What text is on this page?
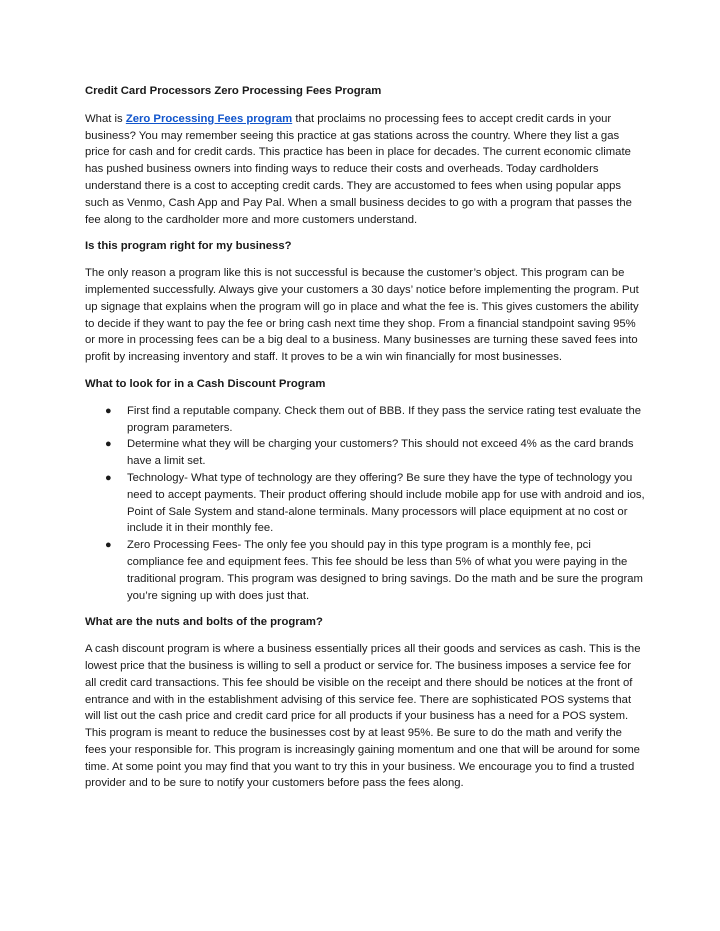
Credit Card Processors Zero Processing Fees Program

What is Zero Processing Fees program that proclaims no processing fees to accept credit cards in your business? You may remember seeing this practice at gas stations across the country. Where they list a gas price for cash and for credit cards. This practice has been in place for decades. The current economic climate has pushed business owners into finding ways to reduce their costs and overheads. Today cardholders understand there is a cost to accepting credit cards. They are accustomed to fees when using popular apps such as Venmo, Cash App and Pay Pal. When a small business decides to go with a program that passes the fee along to the cardholder more and more customers understand.

Is this program right for my business?

The only reason a program like this is not successful is because the customer’s object. This program can be implemented successfully. Always give your customers a 30 days’ notice before implementing the program. Put up signage that explains when the program will go in place and what the fee is. This gives customers the ability to decide if they want to pay the fee or bring cash next time they shop. From a financial standpoint saving 95% or more in processing fees can be a big deal to a business. Many businesses are turning these saved fees into profit by increasing inventory and staff. It proves to be a win win financially for most businesses.

What to look for in a Cash Discount Program
● First find a reputable company. Check them out of BBB. If they pass the service rating test evaluate the program parameters.
● Determine what they will be charging your customers? This should not exceed 4% as the card brands have a limit set.
● Technology- What type of technology are they offering? Be sure they have the type of technology you need to accept payments. Their product offering should include mobile app for use with android and ios, Point of Sale System and stand-alone terminals. Many processors will place equipment at no cost or include it in their monthly fee.
● Zero Processing Fees- The only fee you should pay in this type program is a monthly fee, pci compliance fee and equipment fees. This fee should be less than 5% of what you were paying in the traditional program. This program was designed to bring savings. Do the math and be sure the program you’re signing up with does just that.
What are the nuts and bolts of the program?

A cash discount program is where a business essentially prices all their goods and services as cash. This is the lowest price that the business is willing to sell a product or service for. The business imposes a service fee for all credit card transactions. This fee should be visible on the receipt and there should be notices at the front of entrance and with in the establishment advising of this service fee. There are sophisticated POS systems that will list out the cash price and credit card price for all products if your business has a need for a POS system. This program is meant to reduce the businesses cost by at least 95%. Be sure to do the math and verify the fees your responsible for. This program is increasingly gaining momentum and one that will be around for some time. At some point you may find that you want to try this in your business. We encourage you to find a trusted provider and to be sure to notify your customers before pass the fees along.
